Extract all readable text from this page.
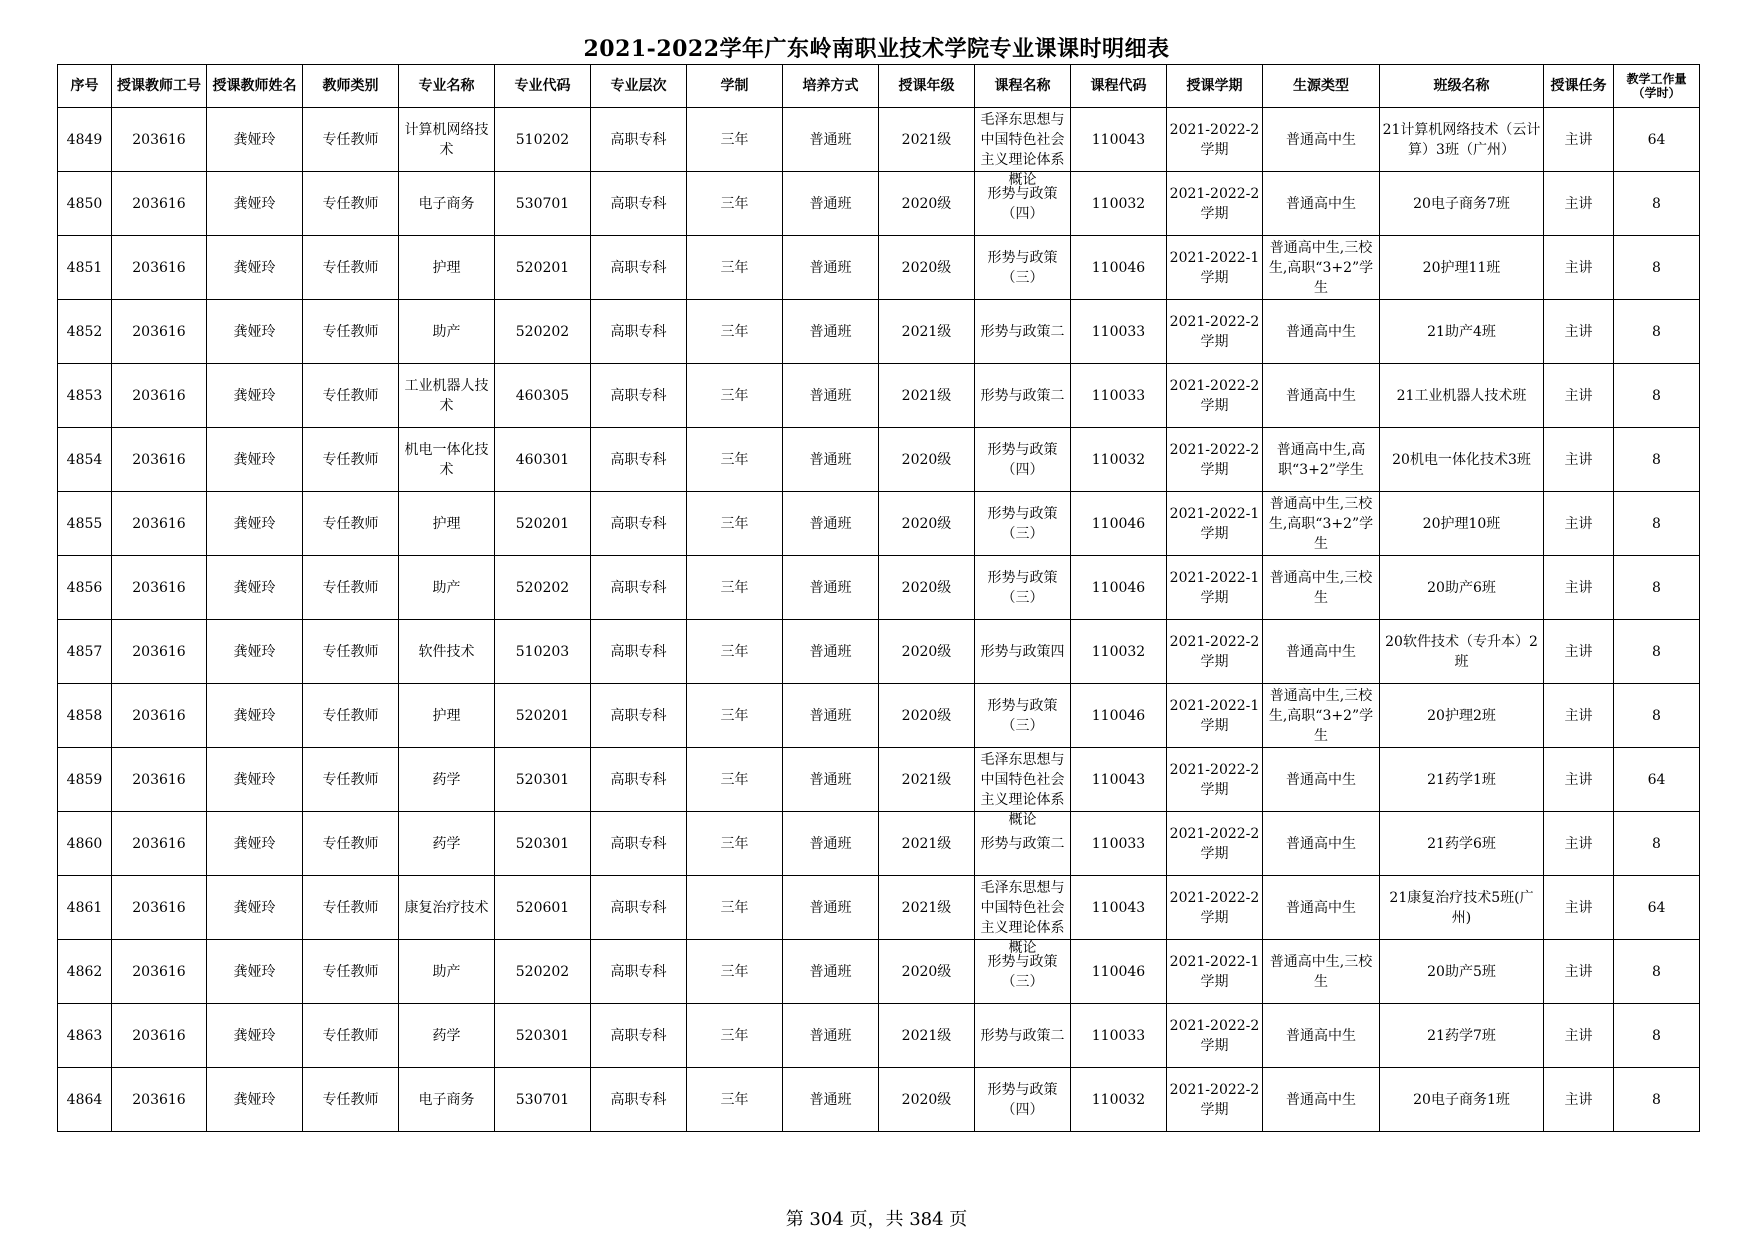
2021-2022学年广东岭南职业技术学院专业课课时明细表
序号	授课教师工号	授课教师姓名	教师类别	专业名称	专业代码	专业层次	学制	培养方式	授课年级	课程名称	课程代码	授课学期	生源类型	班级名称	授课任务	教学工作量（学时）

4849	203616	龚娅玲	专任教师	计算机网络技术	510202	高职专科	三年	普通班	2021级	毛泽东思想与中国特色社会主义理论体系概论	110043	2021-2022-2学期	普通高中生	21计算机网络技术（云计算）3班（广州）	主讲	64

4850	203616	龚娅玲	专任教师	电子商务	530701	高职专科	三年	普通班	2020级	形势与政策（四）	110032	2021-2022-2学期	普通高中生	20电子商务7班	主讲	8

4851	203616	龚娅玲	专任教师	护理	520201	高职专科	三年	普通班	2020级	形势与政策（三）	110046	2021-2022-1学期	普通高中生,三校生,高职“3+2”学生	20护理11班	主讲	8

4852	203616	龚娅玲	专任教师	助产	520202	高职专科	三年	普通班	2021级	形势与政策二	110033	2021-2022-2学期	普通高中生	21助产4班	主讲	8

4853	203616	龚娅玲	专任教师	工业机器人技术	460305	高职专科	三年	普通班	2021级	形势与政策二	110033	2021-2022-2学期	普通高中生	21工业机器人技术班	主讲	8

4854	203616	龚娅玲	专任教师	机电一体化技术	460301	高职专科	三年	普通班	2020级	形势与政策（四）	110032	2021-2022-2学期	普通高中生,高职“3+2”学生	20机电一体化技术3班	主讲	8

4855	203616	龚娅玲	专任教师	护理	520201	高职专科	三年	普通班	2020级	形势与政策（三）	110046	2021-2022-1学期	普通高中生,三校生,高职“3+2”学生	20护理10班	主讲	8

4856	203616	龚娅玲	专任教师	助产	520202	高职专科	三年	普通班	2020级	形势与政策（三）	110046	2021-2022-1学期	普通高中生,三校生	20助产6班	主讲	8

4857	203616	龚娅玲	专任教师	软件技术	510203	高职专科	三年	普通班	2020级	形势与政策四	110032	2021-2022-2学期	普通高中生	20软件技术（专升本）2班	主讲	8

4858	203616	龚娅玲	专任教师	护理	520201	高职专科	三年	普通班	2020级	形势与政策（三）	110046	2021-2022-1学期	普通高中生,三校生,高职“3+2”学生	20护理2班	主讲	8

4859	203616	龚娅玲	专任教师	药学	520301	高职专科	三年	普通班	2021级	毛泽东思想与中国特色社会主义理论体系概论	110043	2021-2022-2学期	普通高中生	21药学1班	主讲	64

4860	203616	龚娅玲	专任教师	药学	520301	高职专科	三年	普通班	2021级	形势与政策二	110033	2021-2022-2学期	普通高中生	21药学6班	主讲	8

4861	203616	龚娅玲	专任教师	康复治疗技术	520601	高职专科	三年	普通班	2021级	毛泽东思想与中国特色社会主义理论体系概论	110043	2021-2022-2学期	普通高中生	21康复治疗技术5班(广州)	主讲	64

4862	203616	龚娅玲	专任教师	助产	520202	高职专科	三年	普通班	2020级	形势与政策（三）	110046	2021-2022-1学期	普通高中生,三校生	20助产5班	主讲	8

4863	203616	龚娅玲	专任教师	药学	520301	高职专科	三年	普通班	2021级	形势与政策二	110033	2021-2022-2学期	普通高中生	21药学7班	主讲	8

4864	203616	龚娅玲	专任教师	电子商务	530701	高职专科	三年	普通班	2020级	形势与政策（四）	110032	2021-2022-2学期	普通高中生	20电子商务1班	主讲	8
第 304 页，共 384 页
